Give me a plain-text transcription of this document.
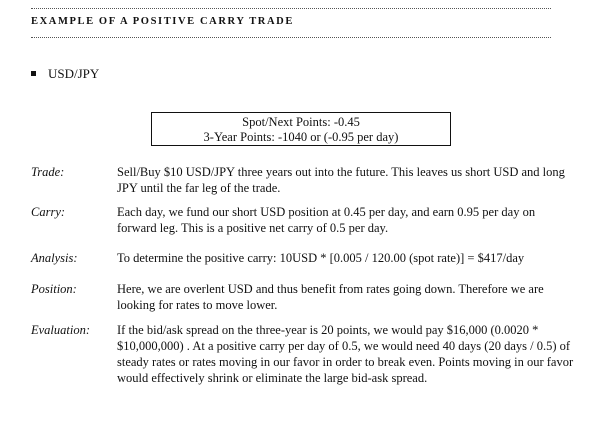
EXAMPLE OF A POSITIVE CARRY TRADE
USD/JPY
Spot/Next Points: -0.45
3-Year Points: -1040 or (-0.95 per day)
Trade:	Sell/Buy $10 USD/JPY three years out into the future. This leaves us short USD and long JPY until the far leg of the trade.
Carry:	Each day, we fund our short USD position at 0.45 per day, and earn 0.95 per day on forward leg. This is a positive net carry of 0.5 per day.
Analysis:	To determine the positive carry: 10USD * [0.005 / 120.00 (spot rate)] = $417/day
Position:	Here, we are overlent USD and thus benefit from rates going down. Therefore we are looking for rates to move lower.
Evaluation: If the bid/ask spread on the three-year is 20 points, we would pay $16,000 (0.0020 * $10,000,000) . At a positive carry per day of 0.5, we would need 40 days (20 days / 0.5) of steady rates or rates moving in our favor in order to break even. Points moving in our favor would effectively shrink or eliminate the large bid-ask spread.
